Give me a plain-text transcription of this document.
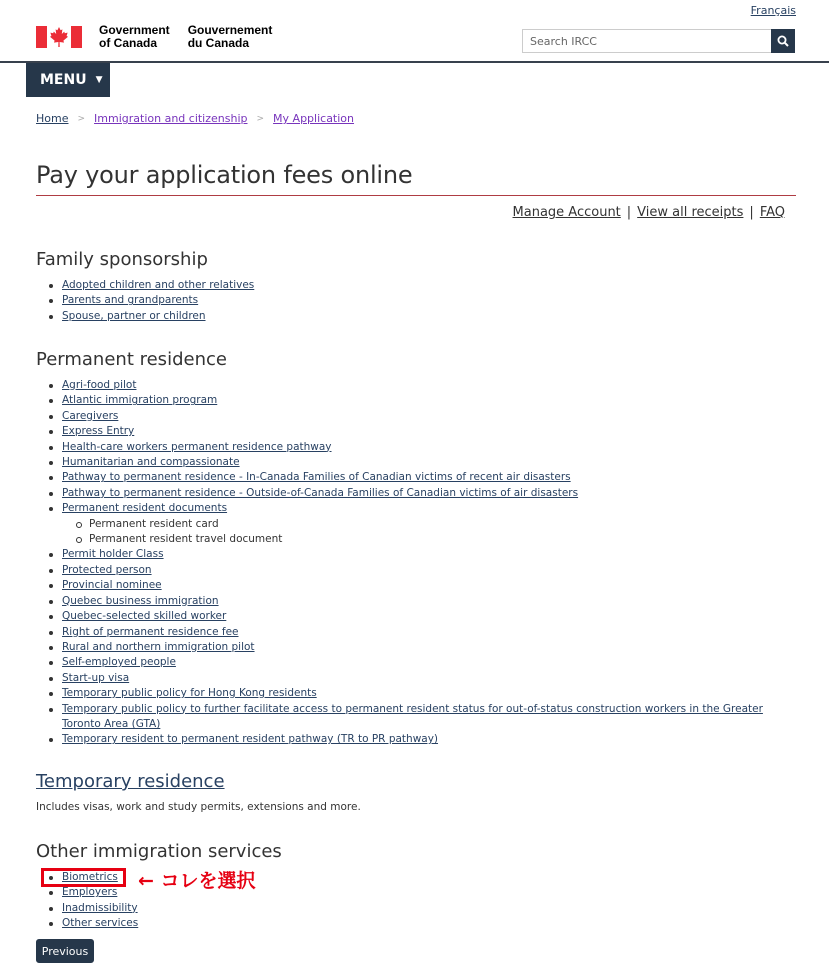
Français
Government
of Canada
Gouvernement
du Canada
Search IRCC
MENU ▼
Home > Immigration and citizenship > My Application
Pay your application fees online
Manage Account | View all receipts | FAQ
Family sponsorship
Adopted children and other relatives
Parents and grandparents
Spouse, partner or children
Permanent residence
Agri-food pilot
Atlantic immigration program
Caregivers
Express Entry
Health-care workers permanent residence pathway
Humanitarian and compassionate
Pathway to permanent residence - In-Canada Families of Canadian victims of recent air disasters
Pathway to permanent residence - Outside-of-Canada Families of Canadian victims of air disasters
Permanent resident documents
Permanent resident card
Permanent resident travel document
Permit holder Class
Protected person
Provincial nominee
Quebec business immigration
Quebec-selected skilled worker
Right of permanent residence fee
Rural and northern immigration pilot
Self-employed people
Start-up visa
Temporary public policy for Hong Kong residents
Temporary public policy to further facilitate access to permanent resident status for out-of-status construction workers in the Greater Toronto Area (GTA)
Temporary resident to permanent resident pathway (TR to PR pathway)
Temporary residence
Includes visas, work and study permits, extensions and more.
Other immigration services
Biometrics
Employers
Inadmissibility
Other services
← コレを選択
Previous
